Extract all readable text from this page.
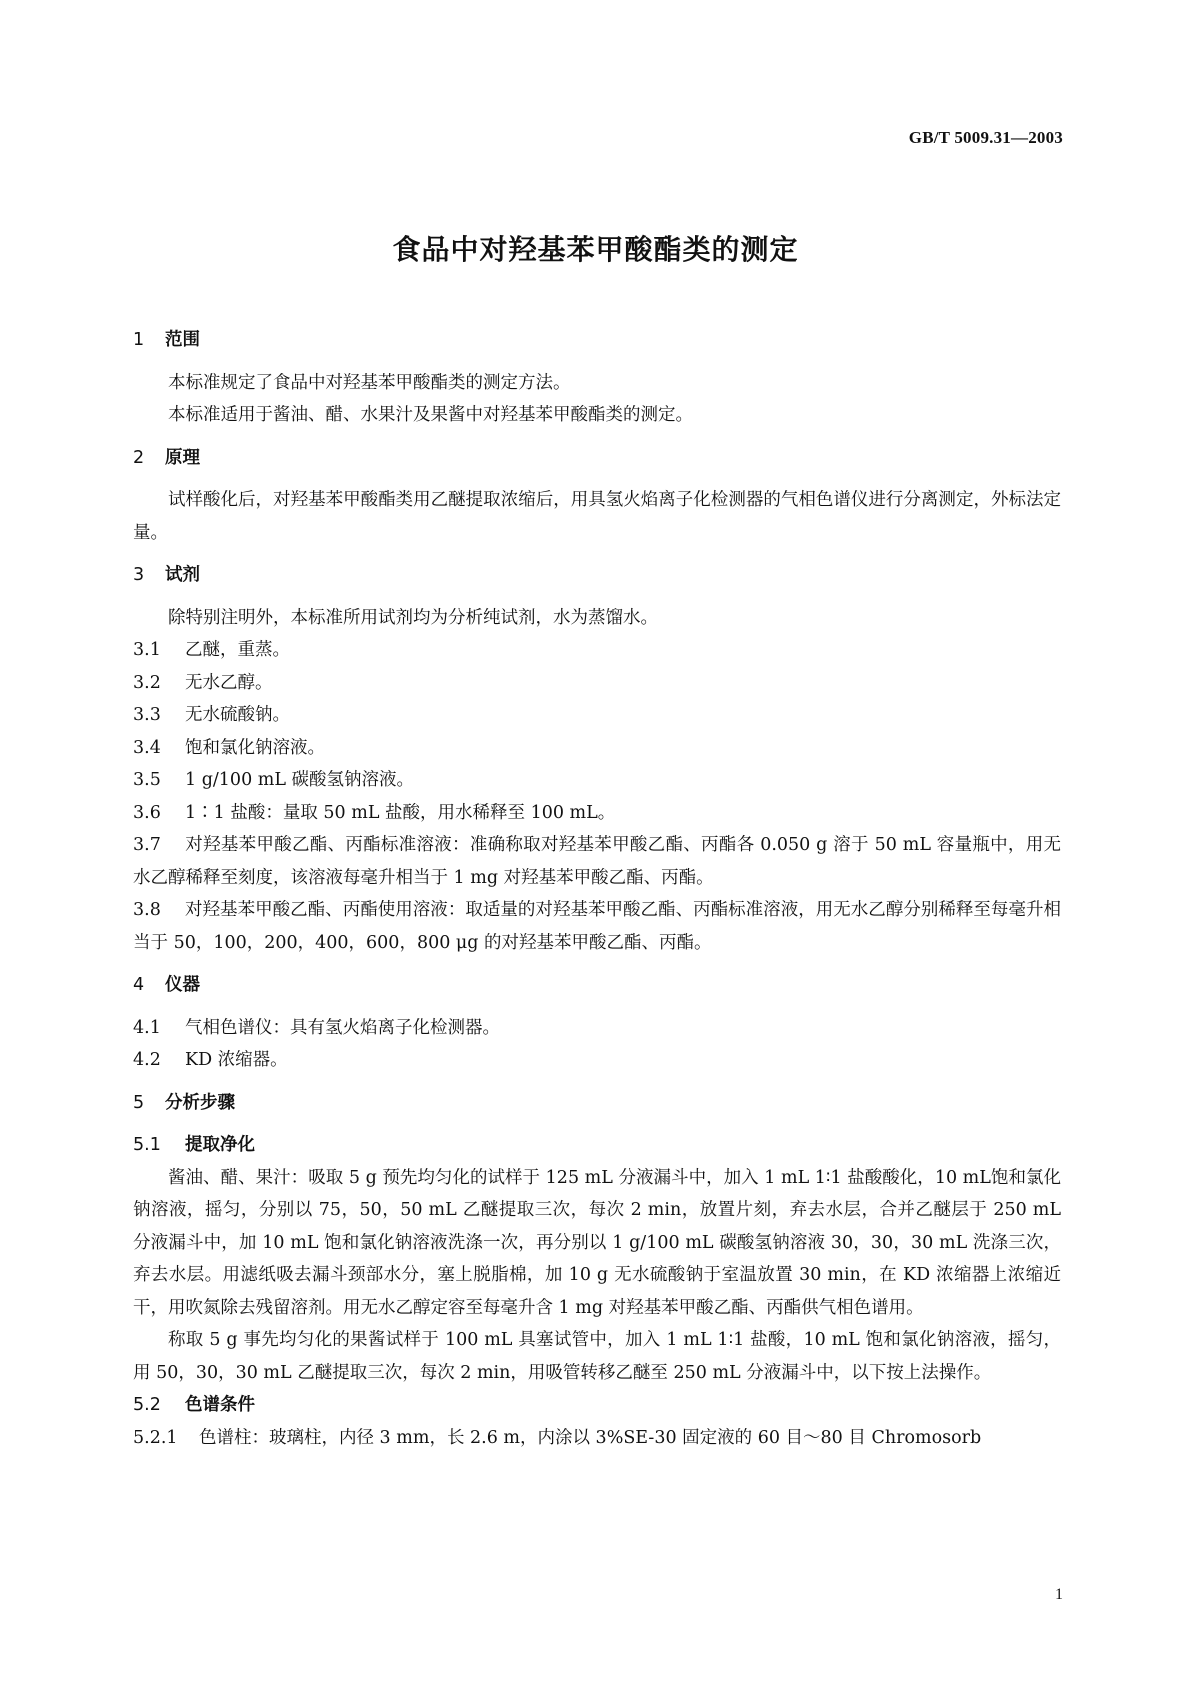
GB/T 5009.31—2003
食品中对羟基苯甲酸酯类的测定

1 范围

本标准规定了食品中对羟基苯甲酸酯类的测定方法。

本标准适用于酱油、醋、水果汁及果酱中对羟基苯甲酸酯类的测定。

2 原理

试样酸化后，对羟基苯甲酸酯类用乙醚提取浓缩后，用具氢火焰离子化检测器的气相色谱仪进行分离测定，外标法定量。

3 试剂

除特别注明外，本标准所用试剂均为分析纯试剂，水为蒸馏水。

3.1 乙醚，重蒸。

3.2 无水乙醇。

3.3 无水硫酸钠。

3.4 饱和氯化钠溶液。

3.5 1 g/100 mL 碳酸氢钠溶液。

3.6 1∶1 盐酸：量取 50 mL 盐酸，用水稀释至 100 mL。

3.7 对羟基苯甲酸乙酯、丙酯标准溶液：准确称取对羟基苯甲酸乙酯、丙酯各 0.050 g 溶于 50 mL 容量瓶中，用无水乙醇稀释至刻度，该溶液每毫升相当于 1 mg 对羟基苯甲酸乙酯、丙酯。

3.8 对羟基苯甲酸乙酯、丙酯使用溶液：取适量的对羟基苯甲酸乙酯、丙酯标准溶液，用无水乙醇分别稀释至每毫升相当于 50，100，200，400，600，800 μg 的对羟基苯甲酸乙酯、丙酯。

4 仪器

4.1 气相色谱仪：具有氢火焰离子化检测器。

4.2 KD 浓缩器。

5 分析步骤

5.1 提取净化

酱油、醋、果汁：吸取 5 g 预先均匀化的试样于 125 mL 分液漏斗中，加入 1 mL 1∶1 盐酸酸化，10 mL饱和氯化钠溶液，摇匀，分别以 75，50，50 mL 乙醚提取三次，每次 2 min，放置片刻，弃去水层，合并乙醚层于 250 mL 分液漏斗中，加 10 mL 饱和氯化钠溶液洗涤一次，再分别以 1 g/100 mL 碳酸氢钠溶液 30，30，30 mL 洗涤三次，弃去水层。用滤纸吸去漏斗颈部水分，塞上脱脂棉，加 10 g 无水硫酸钠于室温放置 30 min，在 KD 浓缩器上浓缩近干，用吹氮除去残留溶剂。用无水乙醇定容至每毫升含 1 mg 对羟基苯甲酸乙酯、丙酯供气相色谱用。

称取 5 g 事先均匀化的果酱试样于 100 mL 具塞试管中，加入 1 mL 1∶1 盐酸，10 mL 饱和氯化钠溶液，摇匀，用 50，30，30 mL 乙醚提取三次，每次 2 min，用吸管转移乙醚至 250 mL 分液漏斗中，以下按上法操作。

5.2 色谱条件

5.2.1 色谱柱：玻璃柱，内径 3 mm，长 2.6 m，内涂以 3%SE-30 固定液的 60 目～80 目 Chromosorb

1
